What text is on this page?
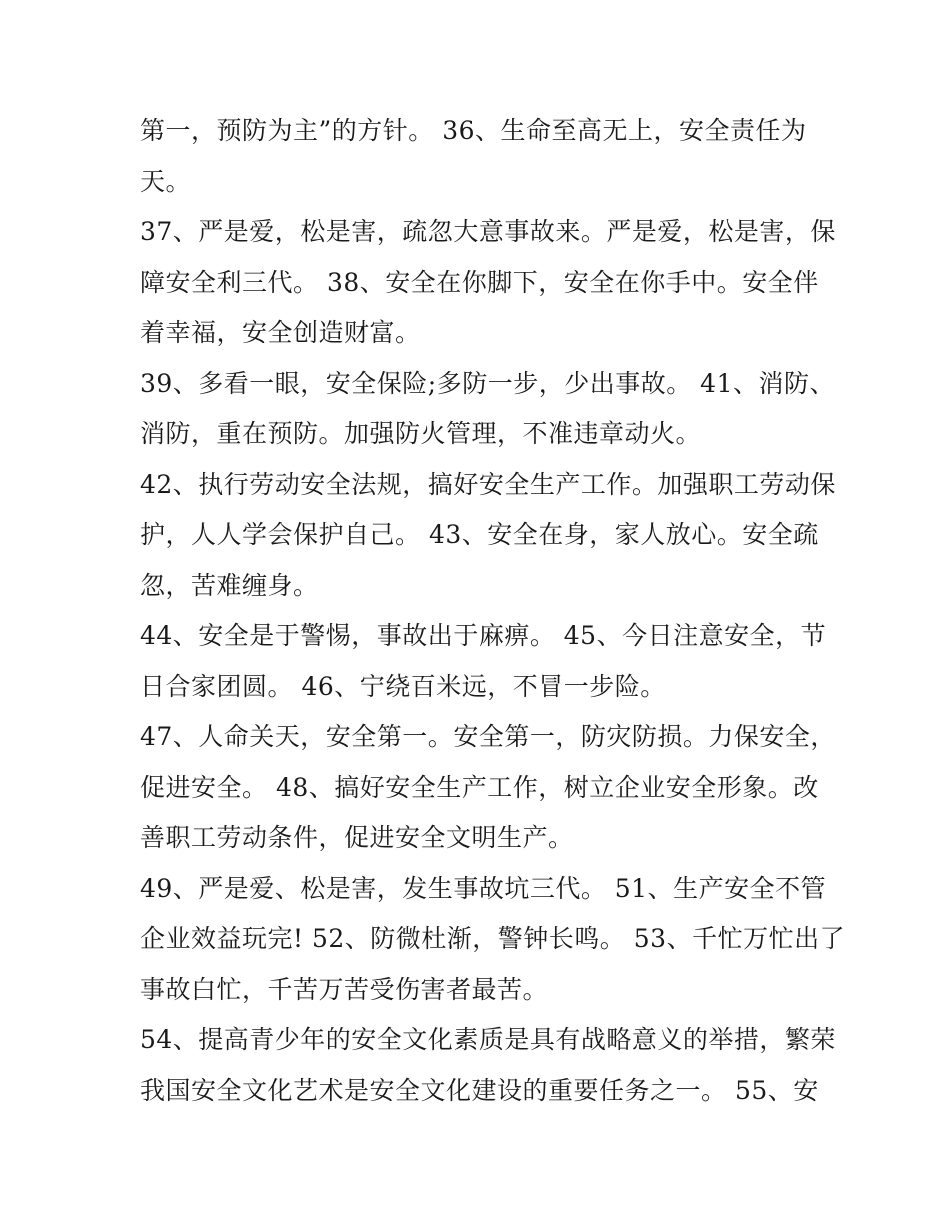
第一，预防为主”的方针。 36、生命至高无上，安全责任为
天。
37、严是爱，松是害，疏忽大意事故来。严是爱，松是害，保
障安全利三代。 38、安全在你脚下，安全在你手中。安全伴
着幸福，安全创造财富。
39、多看一眼，安全保险;多防一步，少出事故。 41、消防、
消防，重在预防。加强防火管理，不准违章动火。
42、执行劳动安全法规，搞好安全生产工作。加强职工劳动保
护，人人学会保护自己。 43、安全在身，家人放心。安全疏
忽，苦难缠身。
44、安全是于警惕，事故出于麻痹。 45、今日注意安全，节
日合家团圆。 46、宁绕百米远，不冒一步险。
47、人命关天，安全第一。安全第一，防灾防损。力保安全，
促进安全。 48、搞好安全生产工作，树立企业安全形象。改
善职工劳动条件，促进安全文明生产。
49、严是爱、松是害，发生事故坑三代。 51、生产安全不管
企业效益玩完! 52、防微杜渐，警钟长鸣。 53、千忙万忙出了
事故白忙，千苦万苦受伤害者最苦。
54、提高青少年的安全文化素质是具有战略意义的举措，繁荣
我国安全文化艺术是安全文化建设的重要任务之一。 55、安
